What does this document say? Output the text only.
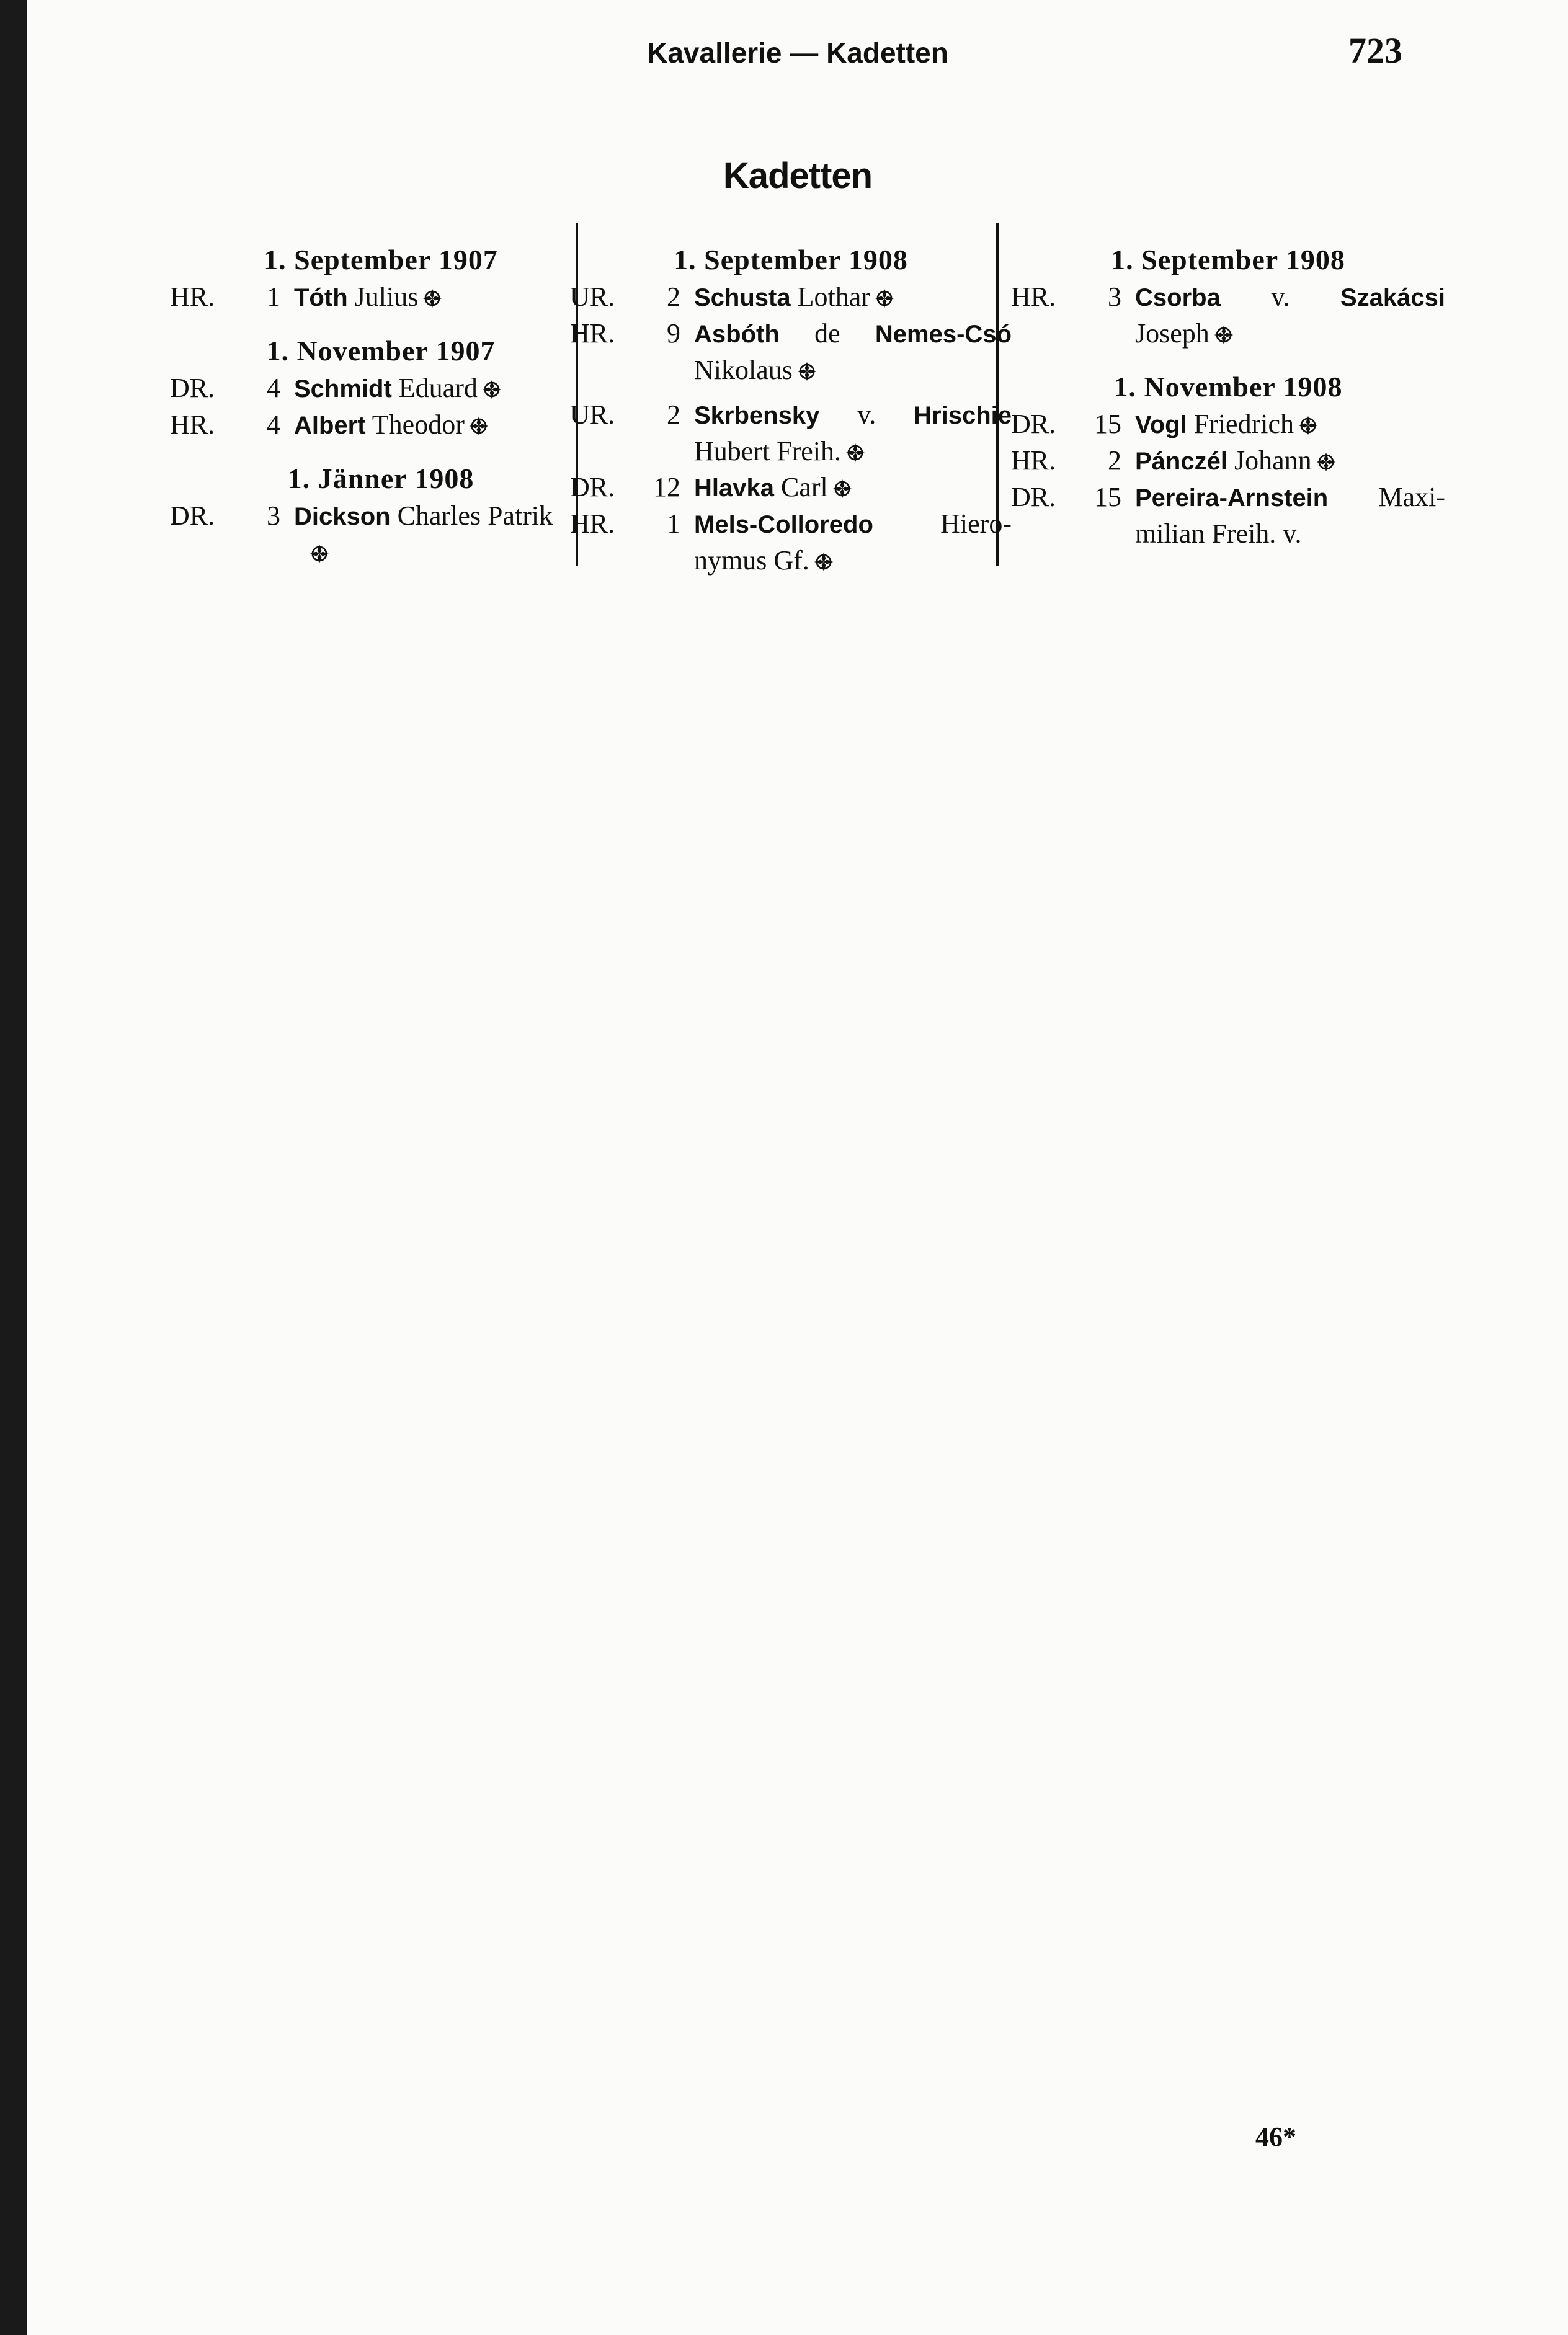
Kavallerie — Kadetten	723
Kadetten
1. September 1907
HR.	1 Tóth Julius
1. November 1907
DR.	4 Schmidt Eduard
HR.	4 Albert Theodor
1. Jänner 1908
DR.	3 Dickson Charles Patrik
1. September 1908
UR.	2 Schusta Lothar
HR.	9 Asbóth de Nemes-Csó
Nikolaus
UR.	2 Skrbensky v. Hrischie
Hubert Freih.
DR. 12 Hlavka Carl
HR.	1 Mels-Colloredo Hiero-
nymus Gf.
1. September 1908
HR.	3 Csorba v. Szakácsi
Joseph
1. November 1908
DR. 15 Vogl Friedrich
HR.	2 Pánczél Johann
DR. 15 Pereira-Arnstein Maxi-
milian Freih. v.
46*
